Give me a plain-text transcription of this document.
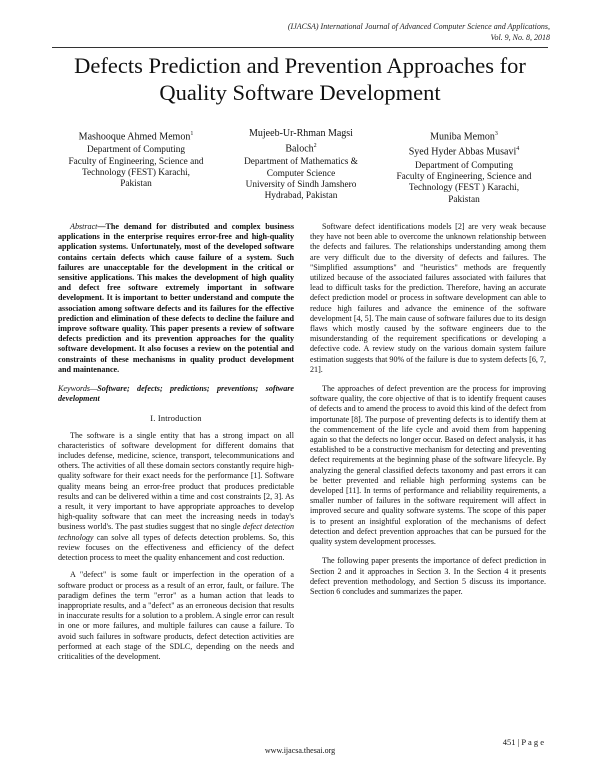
(IJACSA) International Journal of Advanced Computer Science and Applications,
Vol. 9, No. 8, 2018
Defects Prediction and Prevention Approaches for
Quality Software Development
Mashooque Ahmed Memon$^1$
Department of Computing
Faculty of Engineering, Science and
Technology (FEST) Karachi,
Pakistan
Mujeeb-Ur-Rhman Magsi
Baloch$^2$
Department of Mathematics &
Computer Science
University of Sindh Jamshero
Hydrabad, Pakistan
Muniba Memon$^3$
Syed Hyder Abbas Musavi$^4$
Department of Computing
Faculty of Engineering, Science and
Technology (FEST ) Karachi,
Pakistan

Abstract—The demand for distributed and complex business applications in the enterprise requires error-free and high-quality application systems. Unfortunately, most of the developed software contains certain defects which cause failure of a system. Such failures are unacceptable for the development in the critical or sensitive applications. This makes the development of high quality and defect free software extremely important in software development. It is important to better understand and compute the association among software defects and its failures for the effective prediction and elimination of these defects to decline the failure and improve software quality. This paper presents a review of software defects prediction and its prevention approaches for the quality software development. It also focuses a review on the potential and constraints of these mechanisms in quality product development and maintenance.

Keywords—Software; defects; predictions; preventions; software development

I. Introduction

The software is a single entity that has a strong impact on all characteristics of software development for different domains that includes defense, medicine, science, transport, telecommunications and others. The activities of all these domain sectors constantly require high-quality software for their exact needs for the performance [1]. Software quality means being an error-free product that produces predictable results and can be delivered within a time and cost constraints [2, 3]. As a result, it very important to have appropriate approaches to develop high-quality software that can meet the increasing needs in today's business world's. The past studies suggest that no single defect detection technology can solve all types of defects detection problems. So, this review focuses on the effectiveness and efficiency of the defect detection process to meet the quality enhancement and cost reduction.

A "defect" is some fault or imperfection in the operation of a software product or process as a result of an error, fault, or failure. The paradigm defines the term "error" as a human action that leads to inappropriate results, and a "defect" as an erroneous decision that results in inaccurate results for a solution to a problem. A single error can result in one or more failures, and multiple failures can cause a failure. To avoid such failures in software products, defect detection activities are performed at each stage of the SDLC, depending on the needs and criticalities of the development.

Software defect identifications models [2] are very weak because they have not been able to overcome the unknown relationship between the defects and failures. The relationships understanding among them are very difficult due to the diversity of defects and failures. The "Simplified assumptions" and "heuristics" methods are frequently utilized because of the associated failures associated with failures that lead to difficult tasks for the prediction. Therefore, having an accurate defect prediction model or process in software development can able to reduce high failures and advance the eminence of the software development [4, 5]. The main cause of software failures due to its design flaws which mostly caused by the software engineers due to the misunderstanding of the requirement specifications or developing a defective code. A review study on the various domain system failure estimation suggests that 90% of the failure is due to system defects [6, 7, 21].

The approaches of defect prevention are the process for improving software quality, the core objective of that is to identify frequent causes of defects and to amend the process to avoid this kind of the defect from importunate [8]. The purpose of preventing defects is to identify them at the commencement of the life cycle and avoid them from happening again so that the defects no longer occur. Based on defect analysis, it has established to be a constructive mechanism for detecting and preventing defect requirements at the beginning phase of the software lifecycle. By analyzing the general classified defects taxonomy and past errors it can be better prevented and reliable high performing systems can be developed [11]. In terms of performance and reliability requirements, a smaller number of failures in the software requirement will affect in improved secure and quality software systems. The scope of this paper is to present an insightful exploration of the mechanisms of defect detection and defect prevention approaches that can be pursued for the quality system development processes.

The following paper presents the importance of defect prediction in Section 2 and it approaches in Section 3. In the Section 4 it presents defect prevention methodology, and Section 5 discuss its importance. Section 6 concludes and summarizes the paper.

451 | P a g e
www.ijacsa.thesai.org
